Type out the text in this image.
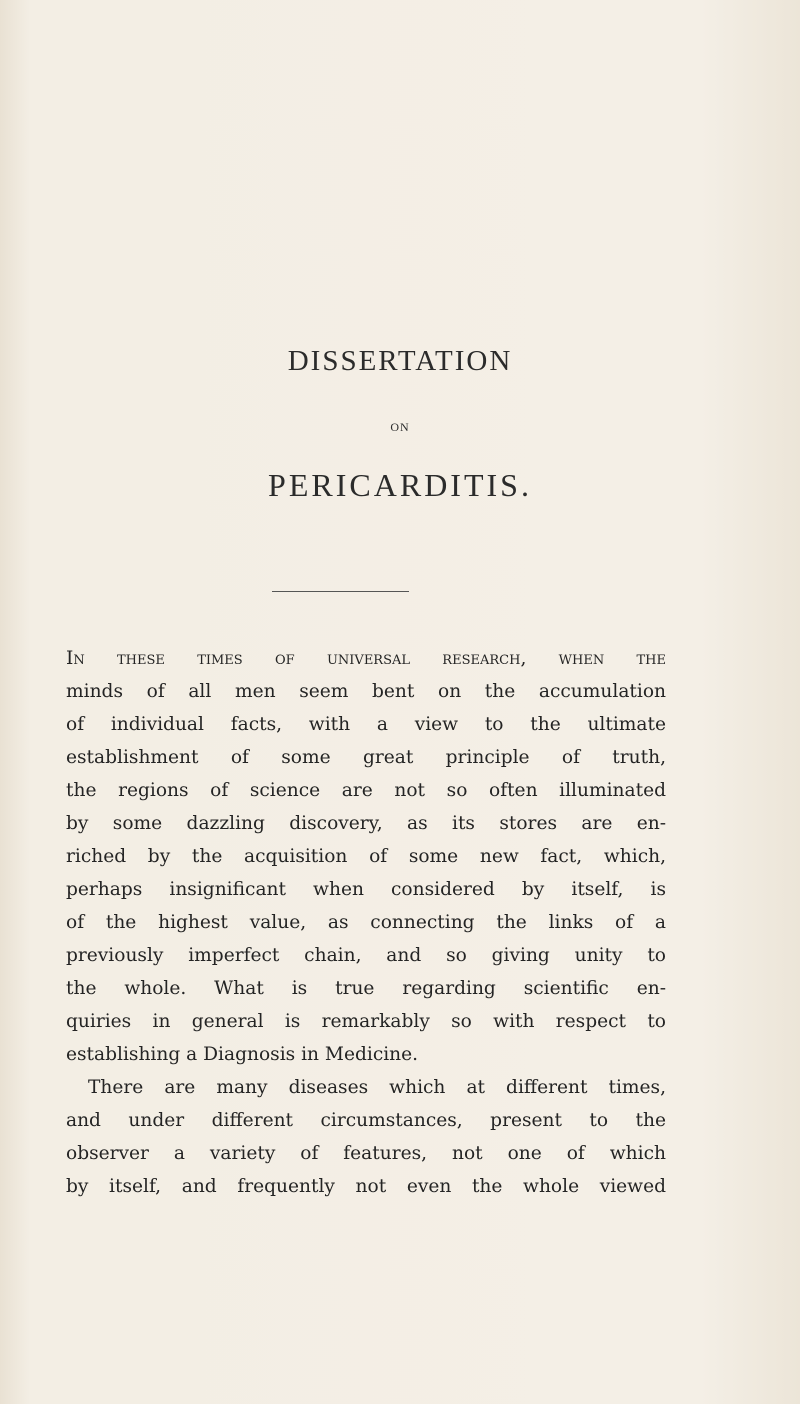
DISSERTATION
ON
PERICARDITIS.
In these times of universal research, when the
minds of all men seem bent on the accumulation
of individual facts, with a view to the ultimate
establishment of some great principle of truth,
the regions of science are not so often illuminated
by some dazzling discovery, as its stores are en-
riched by the acquisition of some new fact, which,
perhaps insignificant when considered by itself, is
of the highest value, as connecting the links of a
previously imperfect chain, and so giving unity to
the whole. What is true regarding scientific en-
quiries in general is remarkably so with respect to
establishing a Diagnosis in Medicine.
There are many diseases which at different times,
and under different circumstances, present to the
observer a variety of features, not one of which
by itself, and frequently not even the whole viewed
